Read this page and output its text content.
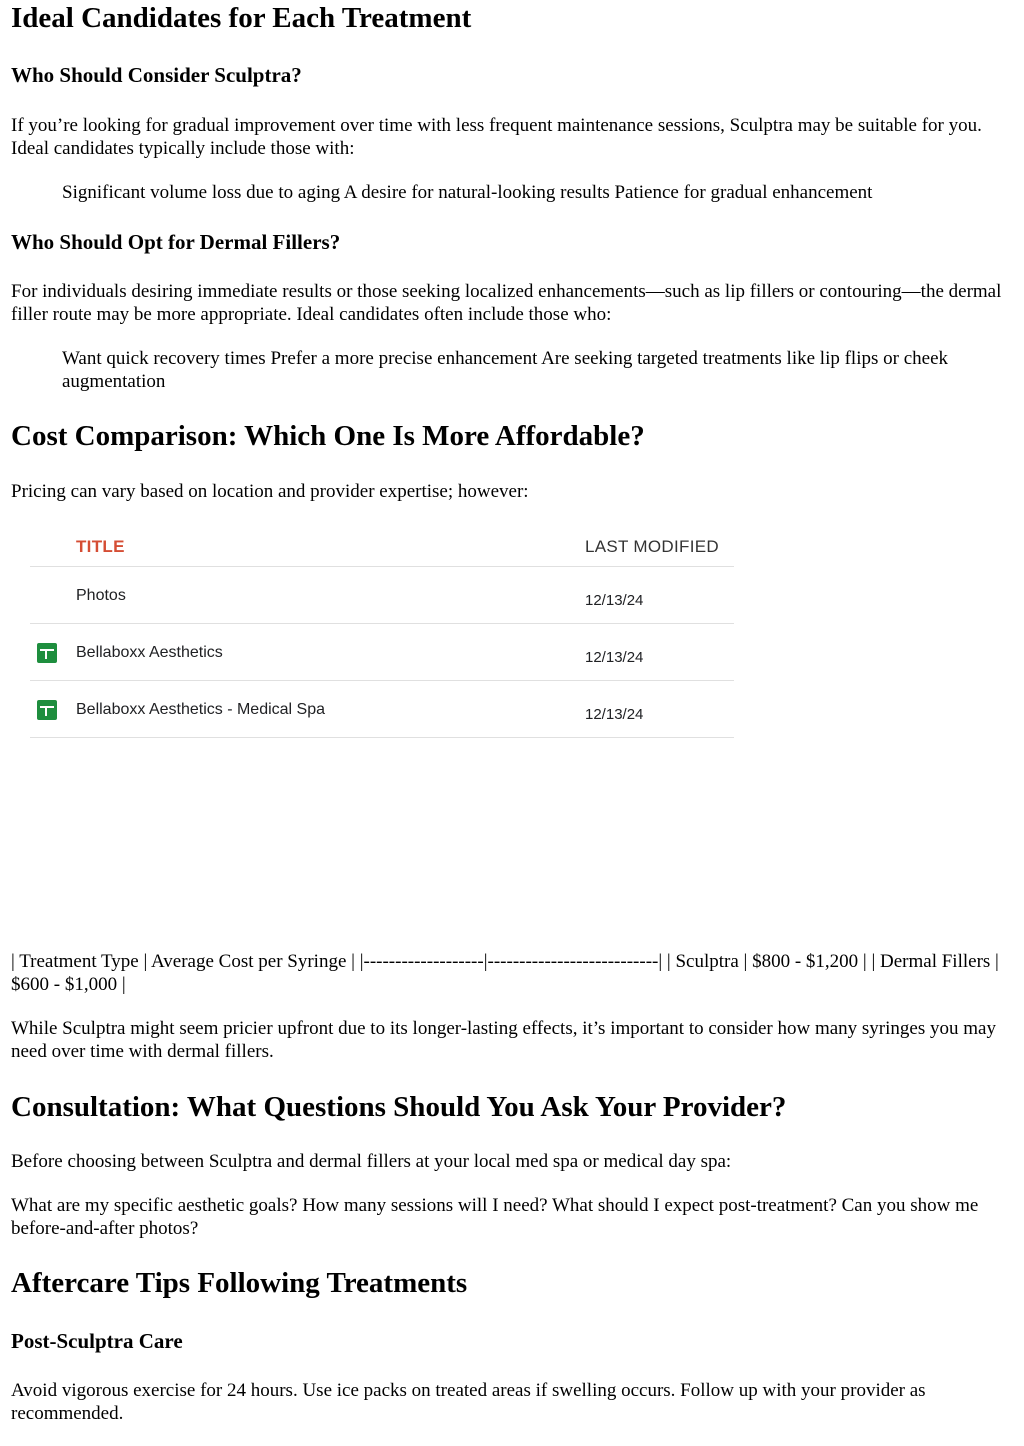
Ideal Candidates for Each Treatment
Who Should Consider Sculptra?

If you’re looking for gradual improvement over time with less frequent maintenance sessions, Sculptra may be suitable for you. Ideal candidates typically include those with:

Significant volume loss due to aging A desire for natural-looking results Patience for gradual enhancement

Who Should Opt for Dermal Fillers?

For individuals desiring immediate results or those seeking localized enhancements—such as lip fillers or contouring—the dermal filler route may be more appropriate. Ideal candidates often include those who:

Want quick recovery times Prefer a more precise enhancement Are seeking targeted treatments like lip flips or cheek augmentation

Cost Comparison: Which One Is More Affordable?

Pricing can vary based on location and provider expertise; however:

TITLE	LAST MODIFIED
Photos	12/13/24
Bellaboxx Aesthetics	12/13/24
Bellaboxx Aesthetics - Medical Spa	12/13/24

| Treatment Type | Average Cost per Syringe | |-------------------|---------------------------| | Sculptra | $800 - $1,200 | | Dermal Fillers | $600 - $1,000 |

While Sculptra might seem pricier upfront due to its longer-lasting effects, it’s important to consider how many syringes you may need over time with dermal fillers.

Consultation: What Questions Should You Ask Your Provider?

Before choosing between Sculptra and dermal fillers at your local med spa or medical day spa:

What are my specific aesthetic goals? How many sessions will I need? What should I expect post-treatment? Can you show me before-and-after photos?

Aftercare Tips Following Treatments
Post-Sculptra Care

Avoid vigorous exercise for 24 hours. Use ice packs on treated areas if swelling occurs. Follow up with your provider as recommended.
